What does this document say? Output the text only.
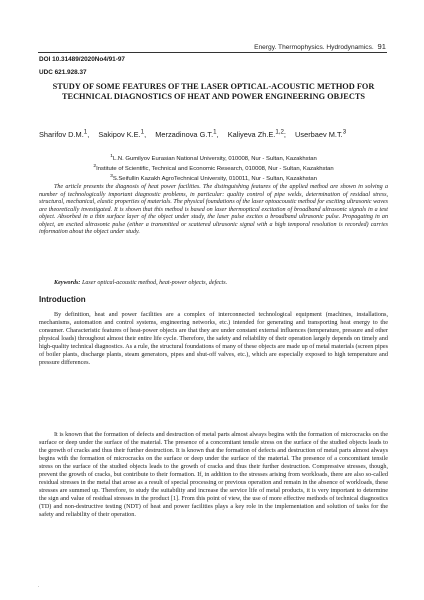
Energy. Thermophysics. Hydrodynamics. 91
DOI 10.31489/2020No4/91-97
UDC 621.928.37
STUDY OF SOME FEATURES OF THE LASER OPTICAL-ACOUSTIC METHOD FOR TECHNICAL DIAGNOSTICS OF HEAT AND POWER ENGINEERING OBJECTS
Sharifov D.M.$^1$, Sakipov K.E.$^1$, Merzadinova G.T.$^1$, Kaliyeva Zh.E.$^{1,2}$; Userbaev M.T.$^3$
$^1$L.N. Gumilyov Eurasian National University, 010008, Nur - Sultan, Kazakhstan
$^2$Institute of Scientific, Technical and Economic Research, 010008, Nur - Sultan, Kazakhstan
$^3$S.Seifullin Kazakh AgroTechnical University, 010011, Nur - Sultan, Kazakhstan

The article presents the diagnosis of heat power facilities. The distinguishing features of the applied method are shown in solving a number of technologically important diagnostic problems, in particular: quality control of pipe welds, determination of residual stress, structural, mechanical, elastic properties of materials. The physical foundations of the laser optoacoustic method for exciting ultrasonic waves are theoretically investigated. It is shown that this method is based on laser thermoptical excitation of broadband ultrasonic signals in a test object. Absorbed in a thin surface layer of the object under study, the laser pulse excites a broadband ultrasonic pulse. Propagating in an object, an excited ultrasonic pulse (either a transmitted or scattered ultrasonic signal with a high temporal resolution is recorded) carries information about the object under study.

Keywords: Laser optical-acoustic method, heat-power objects, defects.
Introduction

By definition, heat and power facilities are a complex of interconnected technological equipment (machines, installations, mechanisms, automation and control systems, engineering networks, etc.) intended for generating and transporting heat energy to the consumer. Characteristic features of heat-power objects are that they are under constant external influences (temperature, pressure and other physical loads) throughout almost their entire life cycle. Therefore, the safety and reliability of their operation largely depends on timely and high-quality technical diagnostics. As a rule, the structural foundations of many of these objects are made up of metal materials (screen pipes of boiler plants, discharge plants, steam generators, pipes and shut-off valves, etc.), which are especially exposed to high temperature and pressure differences.

It is known that the formation of defects and destruction of metal parts almost always begins with the formation of microcracks on the surface or deep under the surface of the material. The presence of a concomitant tensile stress on the surface of the studied objects leads to the growth of cracks and thus their further destruction. It is known that the formation of defects and destruction of metal parts almost always begins with the formation of microcracks on the surface or deep under the surface of the material. The presence of a concomitant tensile stress on the surface of the studied objects leads to the growth of cracks and thus their further destruction. Compressive stresses, though, prevent the growth of cracks, but contribute to their formation. If, in addition to the stresses arising from workloads, there are also so-called residual stresses in the metal that arose as a result of special processing or previous operation and remain in the absence of workloads, these stresses are summed up. Therefore, to study the suitability and increase the service life of metal products, it is very important to determine the sign and value of residual stresses in the product [1]. From this point of view, the use of more effective methods of technical diagnostics (TD) and non-destructive testing (NDT) of heat and power facilities plays a key role in the implementation and solution of tasks for the safety and reliability of their operation.

.
